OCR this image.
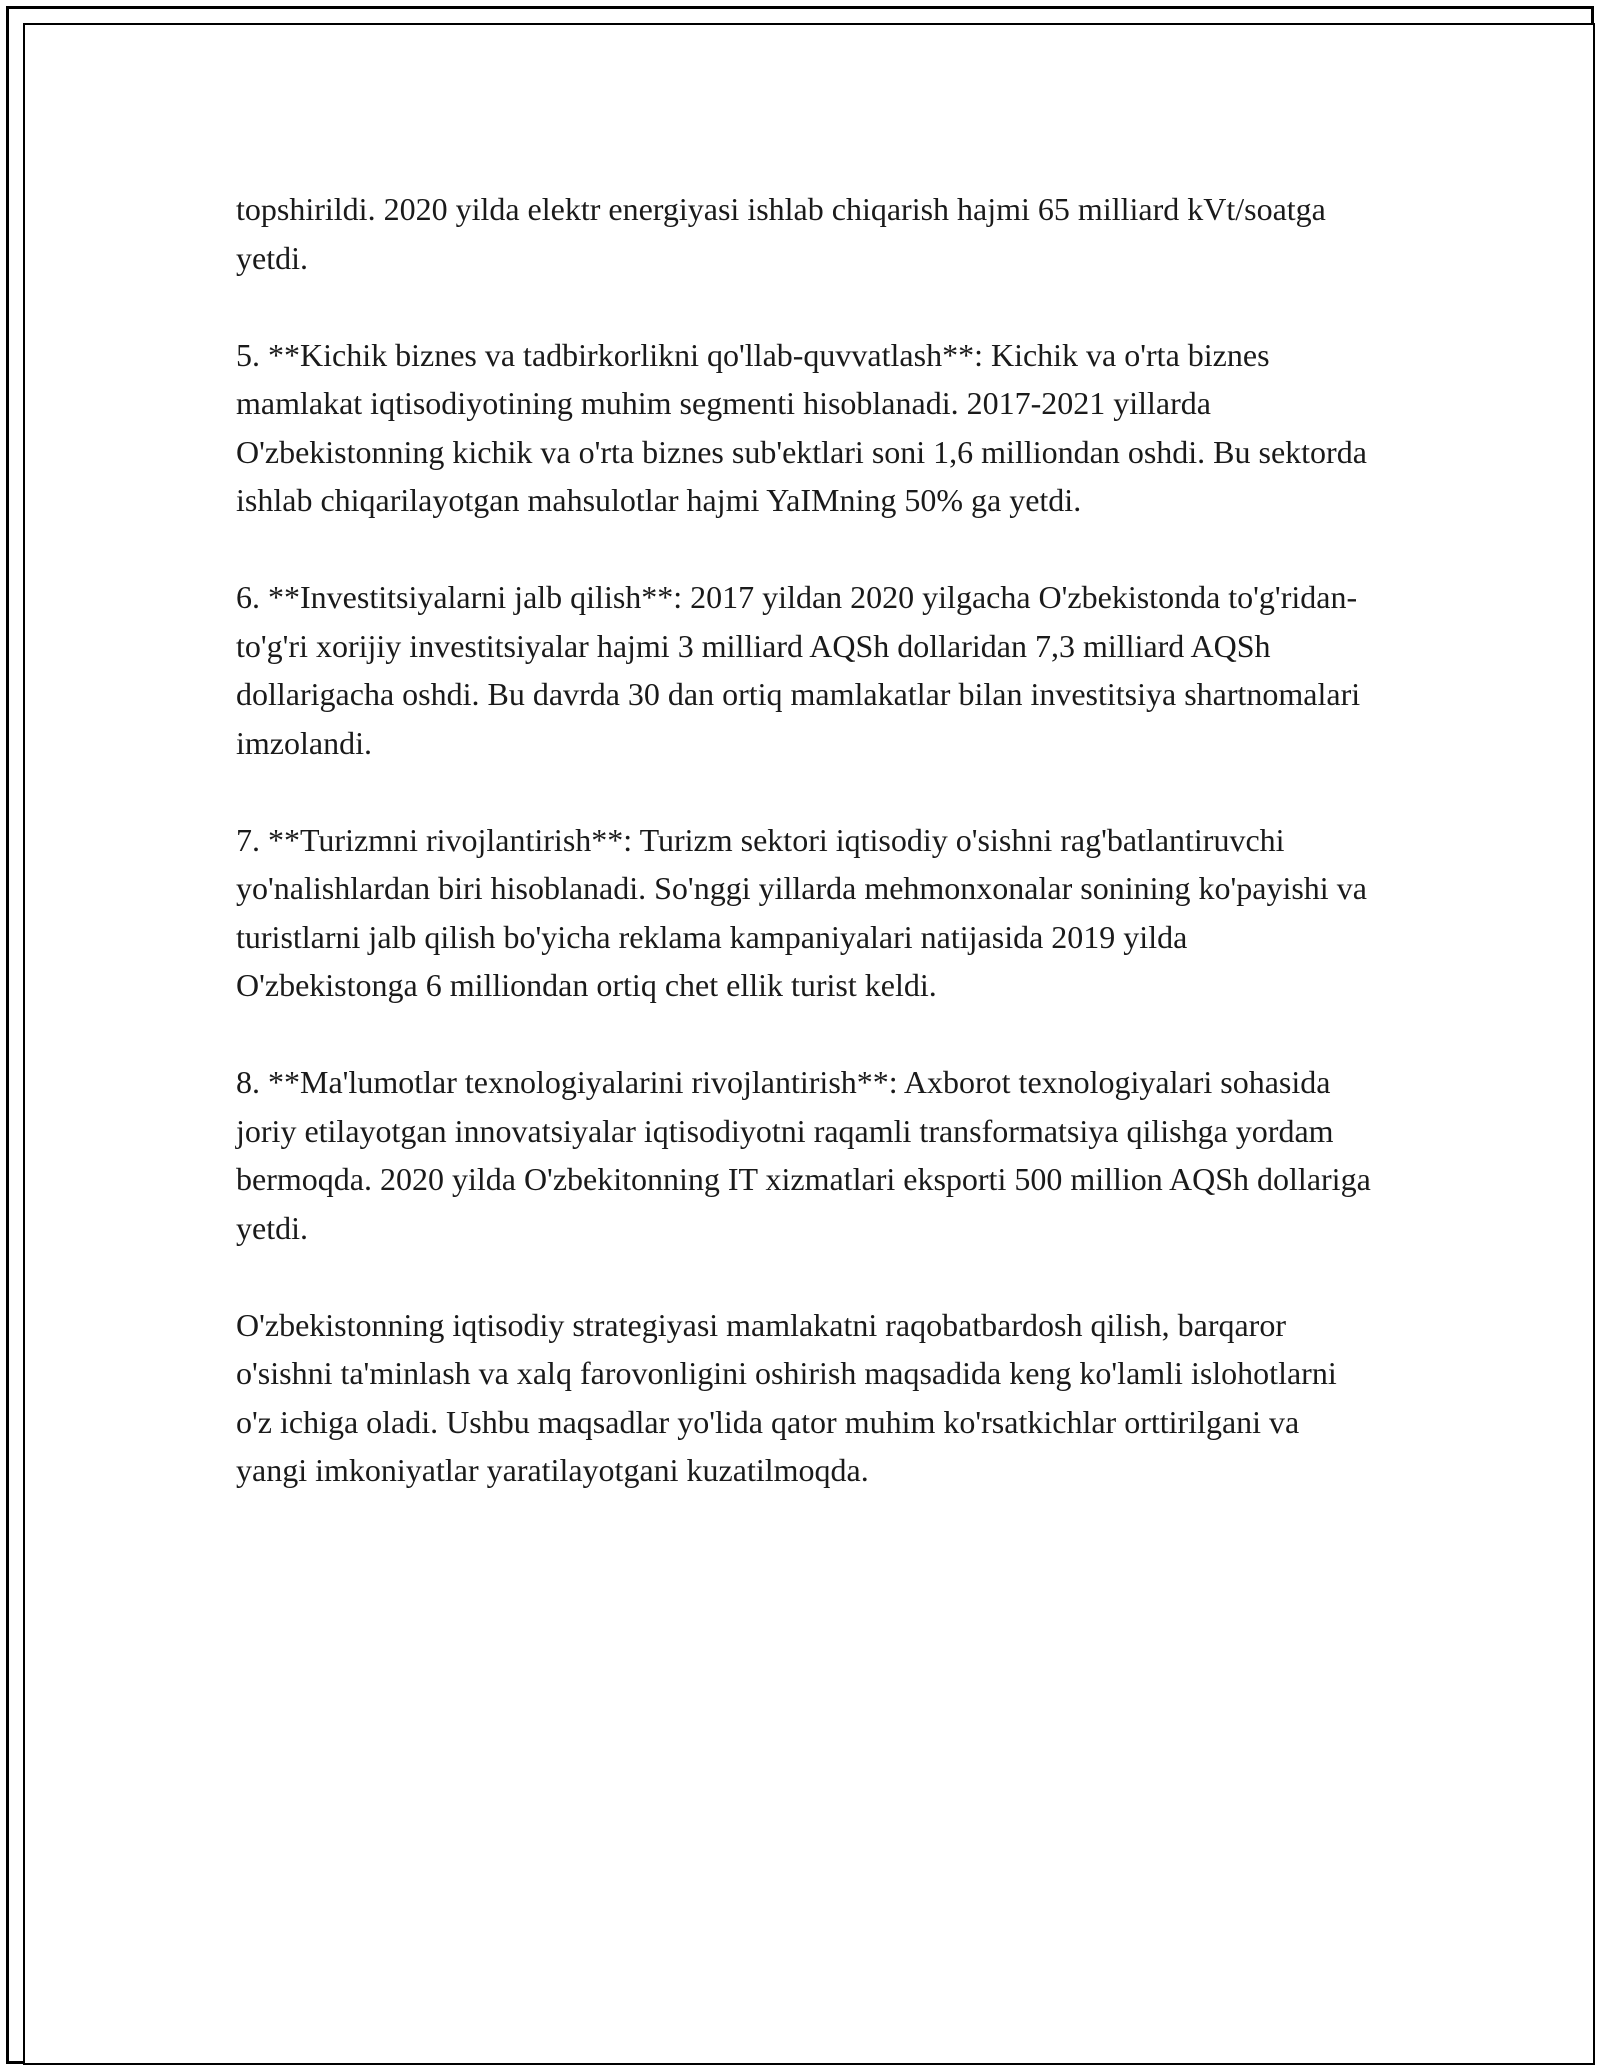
topshirildi. 2020 yilda elektr energiyasi ishlab chiqarish hajmi 65 milliard kVt/soatga yetdi.

5. **Kichik biznes va tadbirkorlikni qo'llab-quvvatlash**: Kichik va o'rta biznes mamlakat iqtisodiyotining muhim segmenti hisoblanadi. 2017-2021 yillarda O'zbekistonning kichik va o'rta biznes sub'ektlari soni 1,6 milliondan oshdi. Bu sektorda ishlab chiqarilayotgan mahsulotlar hajmi YaIMning 50% ga yetdi.

6. **Investitsiyalarni jalb qilish**: 2017 yildan 2020 yilgacha O'zbekistonda to'g'ridan-to'g'ri xorijiy investitsiyalar hajmi 3 milliard AQSh dollaridan 7,3 milliard AQSh dollarigacha oshdi. Bu davrda 30 dan ortiq mamlakatlar bilan investitsiya shartnomalari imzolandi.

7. **Turizmni rivojlantirish**: Turizm sektori iqtisodiy o'sishni rag'batlantiruvchi yo'nalishlardan biri hisoblanadi. So'nggi yillarda mehmonxonalar sonining ko'payishi va turistlarni jalb qilish bo'yicha reklama kampaniyalari natijasida 2019 yilda O'zbekistonga 6 milliondan ortiq chet ellik turist keldi.

8. **Ma'lumotlar texnologiyalarini rivojlantirish**: Axborot texnologiyalari sohasida joriy etilayotgan innovatsiyalar iqtisodiyotni raqamli transformatsiya qilishga yordam bermoqda. 2020 yilda O'zbekitonning IT xizmatlari eksporti 500 million AQSh dollariga yetdi.

O'zbekistonning iqtisodiy strategiyasi mamlakatni raqobatbardosh qilish, barqaror o'sishni ta'minlash va xalq farovonligini oshirish maqsadida keng ko'lamli islohotlarni o'z ichiga oladi. Ushbu maqsadlar yo'lida qator muhim ko'rsatkichlar orttirilgani va yangi imkoniyatlar yaratilayotgani kuzatilmoqda.
